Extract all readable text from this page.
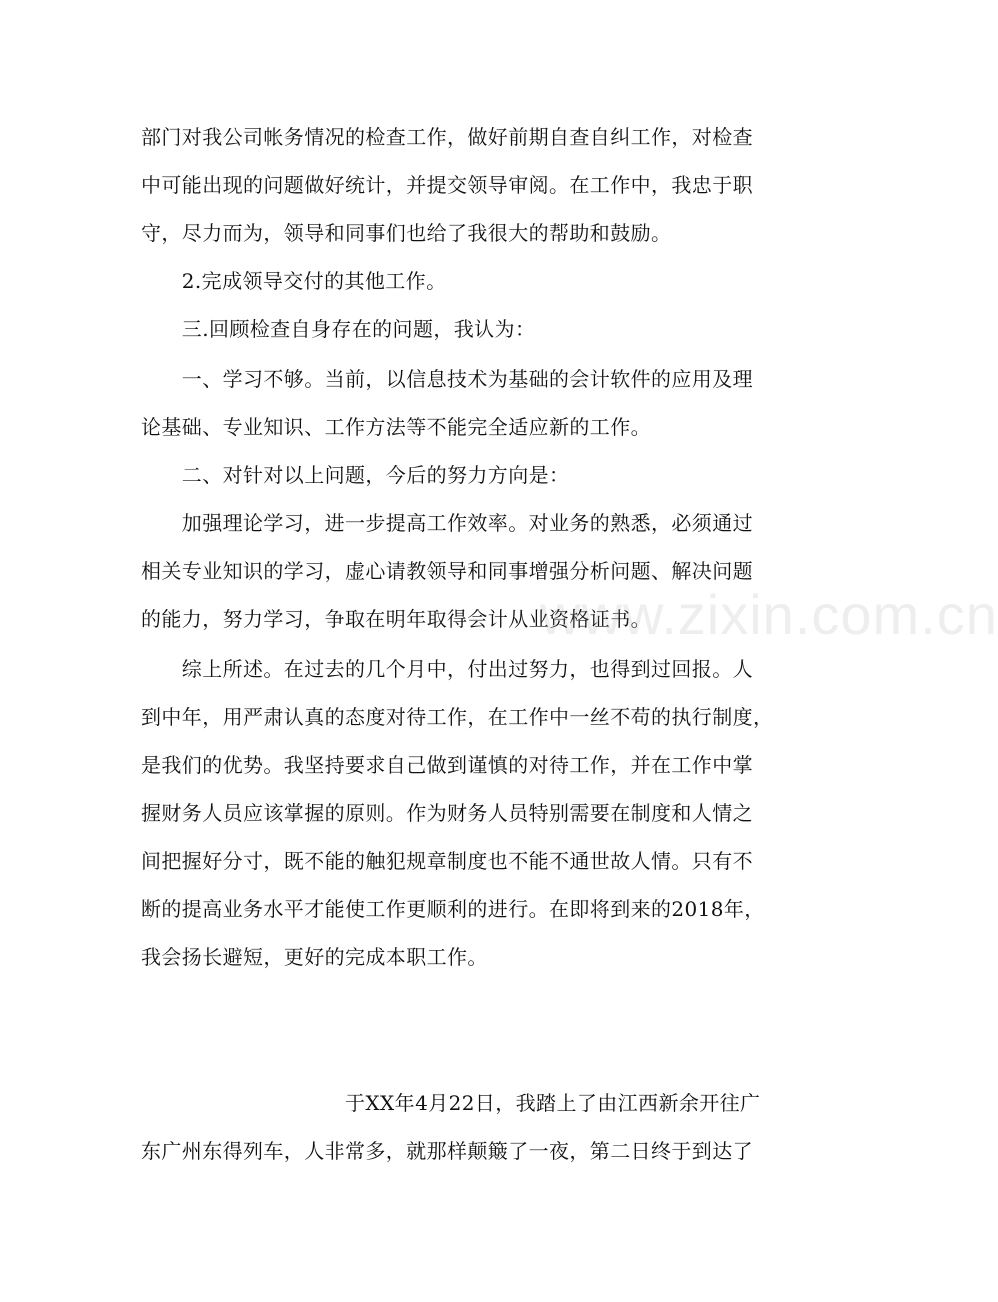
部门对我公司帐务情况的检查工作，做好前期自查自纠工作，对检查
中可能出现的问题做好统计，并提交领导审阅。在工作中，我忠于职
守，尽力而为，领导和同事们也给了我很大的帮助和鼓励。
　　2.完成领导交付的其他工作。
　　三.回顾检查自身存在的问题，我认为：
　　一、学习不够。当前，以信息技术为基础的会计软件的应用及理
论基础、专业知识、工作方法等不能完全适应新的工作。
　　二、对针对以上问题，今后的努力方向是：
　　加强理论学习，进一步提高工作效率。对业务的熟悉，必须通过
相关专业知识的学习，虚心请教领导和同事增强分析问题、解决问题
的能力，努力学习，争取在明年取得会计从业资格证书。
　　综上所述。在过去的几个月中，付出过努力，也得到过回报。人
到中年，用严肃认真的态度对待工作，在工作中一丝不苟的执行制度，
是我们的优势。我坚持要求自己做到谨慎的对待工作，并在工作中掌
握财务人员应该掌握的原则。作为财务人员特别需要在制度和人情之
间把握好分寸，既不能的触犯规章制度也不能不通世故人情。只有不
断的提高业务水平才能使工作更顺利的进行。在即将到来的2018年，
我会扬长避短，更好的完成本职工作。
　　　　　　　　　　于XX年4月22日，我踏上了由江西新余开往广
东广州东得列车，人非常多，就那样颠簸了一夜，第二日终于到达了
www.zixin.com.cn
